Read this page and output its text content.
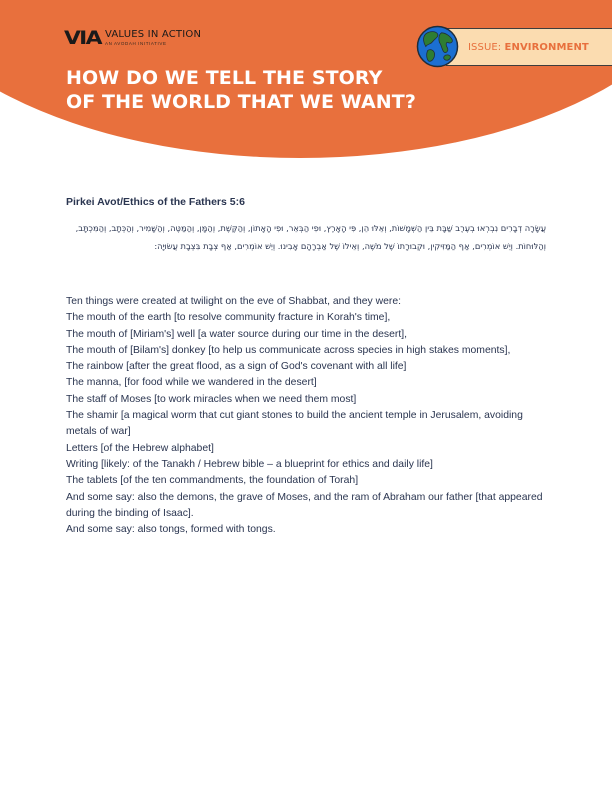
VIA VALUES IN ACTION
AN AVODAH INITIATIVE	ISSUE: ENVIRONMENT
HOW DO WE TELL THE STORY
OF THE WORLD THAT WE WANT?
Pirkei Avot/Ethics of the Fathers 5:6
עֲשָׂרָה דְבָרִים נִבְרְאוּ בְעֶרֶב שַׁבָּת בֵּין הַשְּׁמָשׁוֹת, וְאֵלּוּ הֵן, פִּי הָאָרֶץ, וּפִי הַבְּאֵר, וּפִי הָאָתוֹן, וְהַקֶּשֶׁת, וְהַמָּן, וְהַמַּטֶּה, וְהַשָּׁמִיר, וְהַכְּתָב, וְהַמִּכְתָּב, וְהַלּוּחוֹת. וְיֵשׁ אוֹמְרִים, אַף הַמַּזִּיקִין, וּקְבוּרָתוֹ שֶׁל מֹשֶׁה, וְאֵילוֹ שֶׁל אַבְרָהָם אָבִינוּ. וְיֵשׁ אוֹמְרִים, אַף צְבָת בִּצְבָת עֲשׂוּיָה:
Ten things were created at twilight on the eve of Shabbat, and they were:
The mouth of the earth [to resolve community fracture in Korah's time],
The mouth of [Miriam's] well [a water source during our time in the desert],
The mouth of [Bilam's] donkey [to help us communicate across species in high stakes moments],
The rainbow [after the great flood, as a sign of God's covenant with all life]
The manna, [for food while we wandered in the desert]
The staff of Moses [to work miracles when we need them most]
The shamir [a magical worm that cut giant stones to build the ancient temple in Jerusalem, avoiding metals of war]
Letters [of the Hebrew alphabet]
Writing [likely: of the Tanakh / Hebrew bible – a blueprint for ethics and daily life]
The tablets [of the ten commandments, the foundation of Torah]
And some say: also the demons, the grave of Moses, and the ram of Abraham our father [that appeared during the binding of Isaac].
And some say: also tongs, formed with tongs.
